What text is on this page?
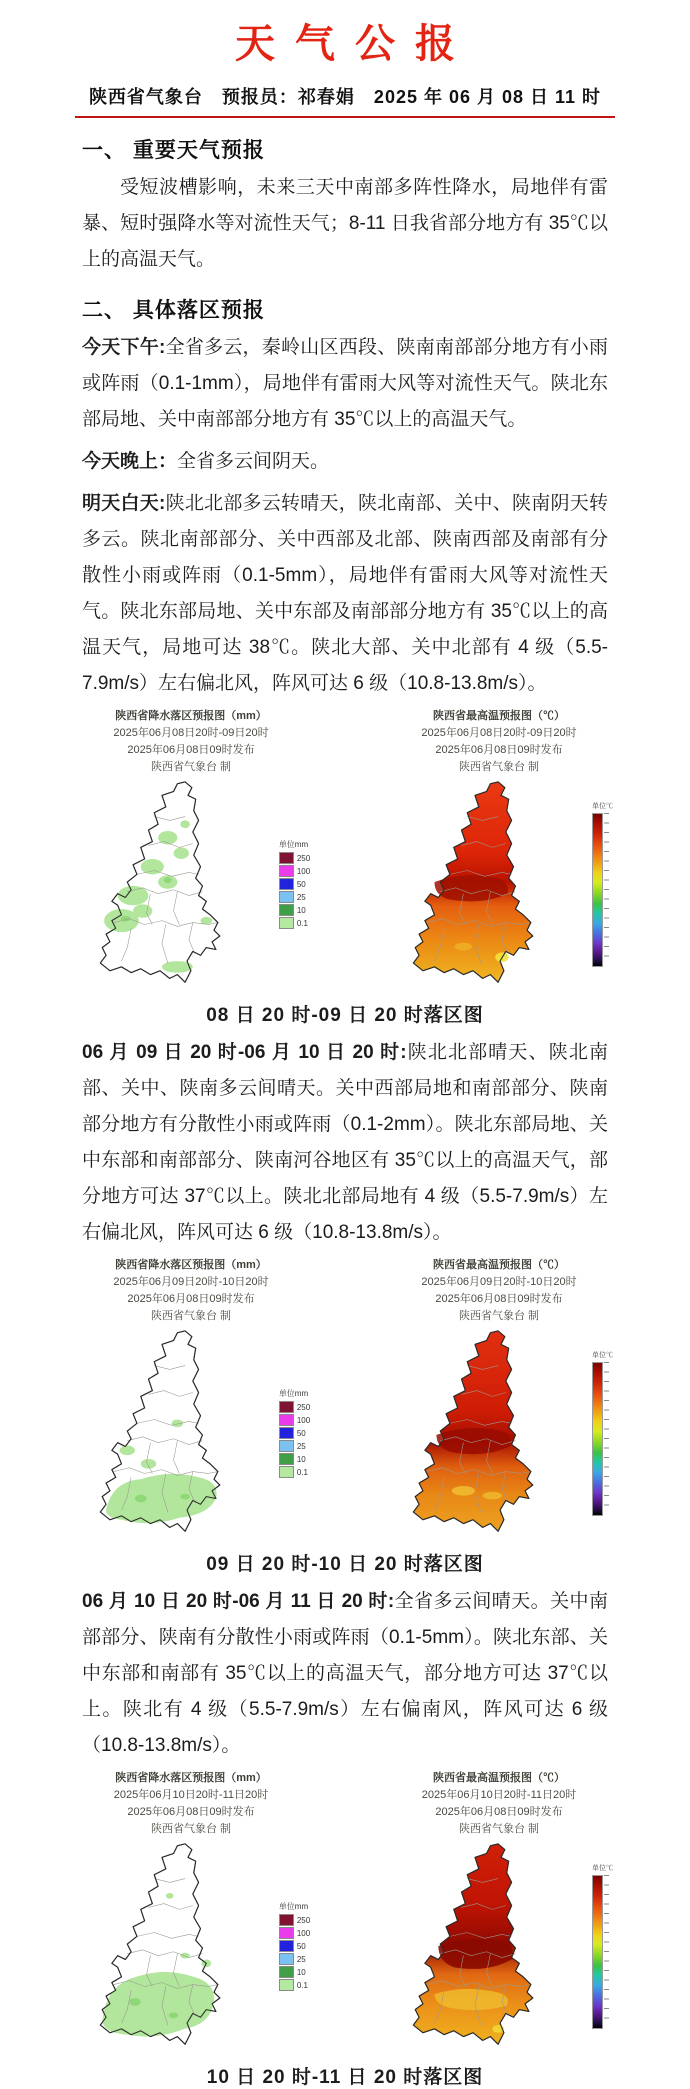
天气公报
陕西省气象台　预报员：祁春娟　2025 年 06 月 08 日 11 时
一、 重要天气预报

受短波槽影响，未来三天中南部多阵性降水，局地伴有雷暴、短时强降水等对流性天气；8-11 日我省部分地方有 35℃以上的高温天气。

二、 具体落区预报

今天下午:全省多云，秦岭山区西段、陕南南部部分地方有小雨或阵雨（0.1-1mm），局地伴有雷雨大风等对流性天气。陕北东部局地、关中南部部分地方有 35℃以上的高温天气。

今天晚上：全省多云间阴天。

明天白天:陕北北部多云转晴天，陕北南部、关中、陕南阴天转多云。陕北南部部分、关中西部及北部、陕南西部及南部有分散性小雨或阵雨（0.1-5mm），局地伴有雷雨大风等对流性天气。陕北东部局地、关中东部及南部部分地方有 35℃以上的高温天气，局地可达 38℃。陕北大部、关中北部有 4 级（5.5-7.9m/s）左右偏北风，阵风可达 6 级（10.8-13.8m/s）。

陕西省降水落区预报图（mm）
2025年06月08日20时-09日20时
2025年06月08日09时发布
陕西省气象台 制
单位mm
250
100
50
25
10
0.1
陕西省最高温预报图（℃）
2025年06月08日20时-09日20时
2025年06月08日09时发布
陕西省气象台 制
单位℃
08 日 20 时-09 日 20 时落区图

06 月 09 日 20 时-06 月 10 日 20 时:陕北北部晴天、陕北南部、关中、陕南多云间晴天。关中西部局地和南部部分、陕南部分地方有分散性小雨或阵雨（0.1-2mm）。陕北东部局地、关中东部和南部部分、陕南河谷地区有 35℃以上的高温天气，部分地方可达 37℃以上。陕北北部局地有 4 级（5.5-7.9m/s）左右偏北风，阵风可达 6 级（10.8-13.8m/s）。

陕西省降水落区预报图（mm）
2025年06月09日20时-10日20时
2025年06月08日09时发布
陕西省气象台 制
单位mm
250
100
50
25
10
0.1
陕西省最高温预报图（℃）
2025年06月09日20时-10日20时
2025年06月08日09时发布
陕西省气象台 制
单位℃
09 日 20 时-10 日 20 时落区图

06 月 10 日 20 时-06 月 11 日 20 时:全省多云间晴天。关中南部部分、陕南有分散性小雨或阵雨（0.1-5mm）。陕北东部、关中东部和南部有 35℃以上的高温天气，部分地方可达 37℃以上。陕北有 4 级（5.5-7.9m/s）左右偏南风，阵风可达 6 级（10.8-13.8m/s）。

陕西省降水落区预报图（mm）
2025年06月10日20时-11日20时
2025年06月08日09时发布
陕西省气象台 制
单位mm
250
100
50
25
10
0.1
陕西省最高温预报图（℃）
2025年06月10日20时-11日20时
2025年06月08日09时发布
陕西省气象台 制
单位℃
10 日 20 时-11 日 20 时落区图
